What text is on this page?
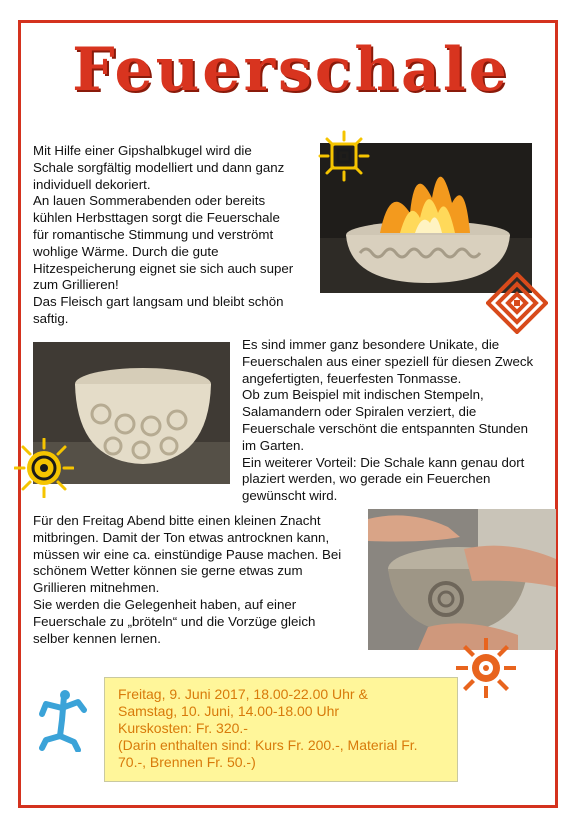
Feuerschale
Mit Hilfe einer Gipshalbkugel wird die
Schale sorgfältig modelliert und dann ganz
individuell dekoriert.
An lauen Sommerabenden oder bereits
kühlen Herbsttagen sorgt die Feuerschale
für romantische Stimmung und verströmt
wohlige Wärme. Durch die gute
Hitzespeicherung eignet sie sich auch super
zum Grillieren!
Das Fleisch gart langsam und bleibt schön
saftig.
Es sind immer ganz besondere Unikate, die
Feuerschalen aus einer speziell für diesen Zweck
angefertigten, feuerfesten Tonmasse.
Ob zum Beispiel mit indischen Stempeln,
Salamandern oder Spiralen verziert, die
Feuerschale verschönt die entspannten Stunden
im Garten.
Ein weiterer Vorteil: Die Schale kann genau dort
plaziert werden, wo gerade ein Feuerchen
gewünscht wird.
Für den Freitag Abend bitte einen kleinen Znacht
mitbringen. Damit der Ton etwas antrocknen kann,
müssen wir eine ca. einstündige Pause machen. Bei
schönem Wetter können sie gerne etwas zum
Grillieren mitnehmen.
Sie werden die Gelegenheit haben, auf einer
Feuerschale zu „bröteln“ und die Vorzüge gleich
selber kennen lernen.
Freitag, 9. Juni 2017, 18.00-22.00 Uhr &
Samstag, 10. Juni, 14.00-18.00 Uhr
Kurskosten: Fr. 320.-
(Darin enthalten sind: Kurs Fr. 200.-, Material Fr.
70.-, Brennen Fr. 50.-)
